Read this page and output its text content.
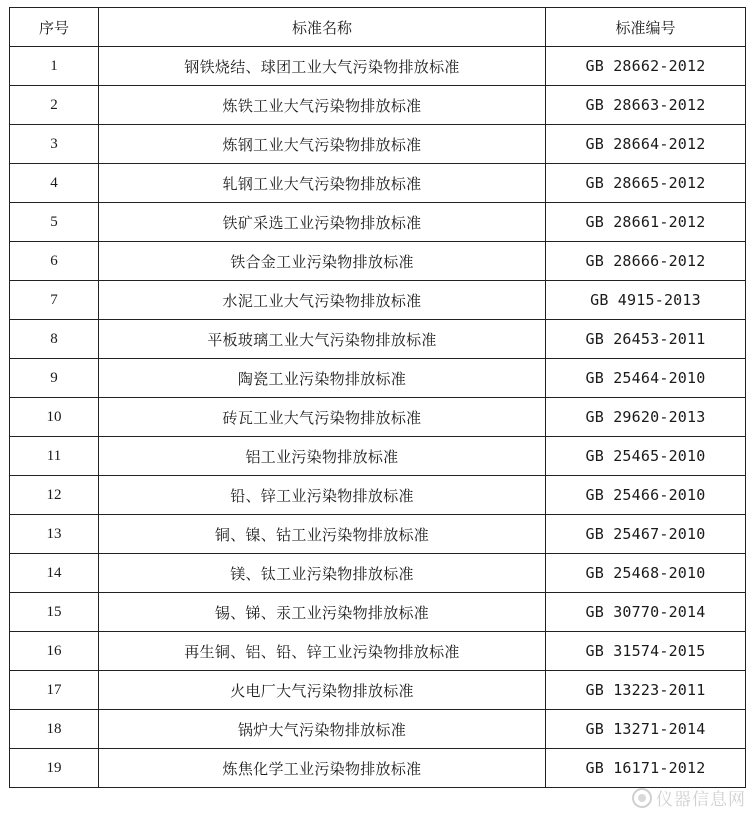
序号	标准名称	标准编号
1	钢铁烧结、球团工业大气污染物排放标准	GB 28662-2012
2	炼铁工业大气污染物排放标准	GB 28663-2012
3	炼钢工业大气污染物排放标准	GB 28664-2012
4	轧钢工业大气污染物排放标准	GB 28665-2012
5	铁矿采选工业污染物排放标准	GB 28661-2012
6	铁合金工业污染物排放标准	GB 28666-2012
7	水泥工业大气污染物排放标准	GB 4915-2013
8	平板玻璃工业大气污染物排放标准	GB 26453-2011
9	陶瓷工业污染物排放标准	GB 25464-2010
10	砖瓦工业大气污染物排放标准	GB 29620-2013
11	铝工业污染物排放标准	GB 25465-2010
12	铅、锌工业污染物排放标准	GB 25466-2010
13	铜、镍、钴工业污染物排放标准	GB 25467-2010
14	镁、钛工业污染物排放标准	GB 25468-2010
15	锡、锑、汞工业污染物排放标准	GB 30770-2014
16	再生铜、铝、铅、锌工业污染物排放标准	GB 31574-2015
17	火电厂大气污染物排放标准	GB 13223-2011
18	锅炉大气污染物排放标准	GB 13271-2014
19	炼焦化学工业污染物排放标准	GB 16171-2012
仪器信息网
